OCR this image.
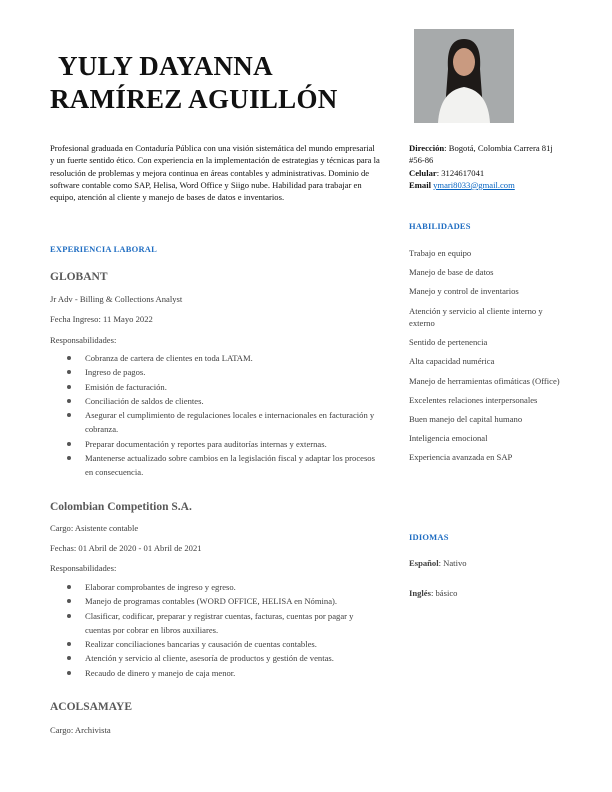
YULY DAYANNA
RAMÍREZ AGUILLÓN
Profesional graduada en Contaduría Pública con una visión sistemática del mundo empresarial y un fuerte sentido ético. Con experiencia en la implementación de estrategias y técnicas para la resolución de problemas y mejora continua en áreas contables y administrativas. Dominio de software contable como SAP, Helisa, Word Office y Siigo nube. Habilidad para trabajar en equipo, atención al cliente y manejo de bases de datos e inventarios.
Dirección: Bogotá, Colombia Carrera 81j #56-86
Celular: 3124617041
Email ymari8033@gmail.com
EXPERIENCIA LABORAL
GLOBANT
Jr Adv - Billing & Collections Analyst
Fecha Ingreso: 11 Mayo 2022
Responsabilidades:
Cobranza de cartera de clientes en toda LATAM.
Ingreso de pagos.
Emisión de facturación.
Conciliación de saldos de clientes.
Asegurar el cumplimiento de regulaciones locales e internacionales en facturación y cobranza.
Preparar documentación y reportes para auditorías internas y externas.
Mantenerse actualizado sobre cambios en la legislación fiscal y adaptar los procesos en consecuencia.
Colombian Competition S.A.
Cargo: Asistente contable
Fechas: 01 Abril de 2020 - 01 Abril de 2021
Responsabilidades:
Elaborar comprobantes de ingreso y egreso.
Manejo de programas contables (WORD OFFICE, HELISA en Nómina).
Clasificar, codificar, preparar y registrar cuentas, facturas, cuentas por pagar y cuentas por cobrar en libros auxiliares.
Realizar conciliaciones bancarias y causación de cuentas contables.
Atención y servicio al cliente, asesoría de productos y gestión de ventas.
Recaudo de dinero y manejo de caja menor.
ACOLSAMAYE
Cargo: Archivista
HABILIDADES
Trabajo en equipo
Manejo de base de datos
Manejo y control de inventarios
Atención y servicio al cliente interno y externo
Sentido de pertenencia
Alta capacidad numérica
Manejo de herramientas ofimáticas (Office)
Excelentes relaciones interpersonales
Buen manejo del capital humano
Inteligencia emocional
Experiencia avanzada en SAP
IDIOMAS
Español: Nativo
Inglés: básico
